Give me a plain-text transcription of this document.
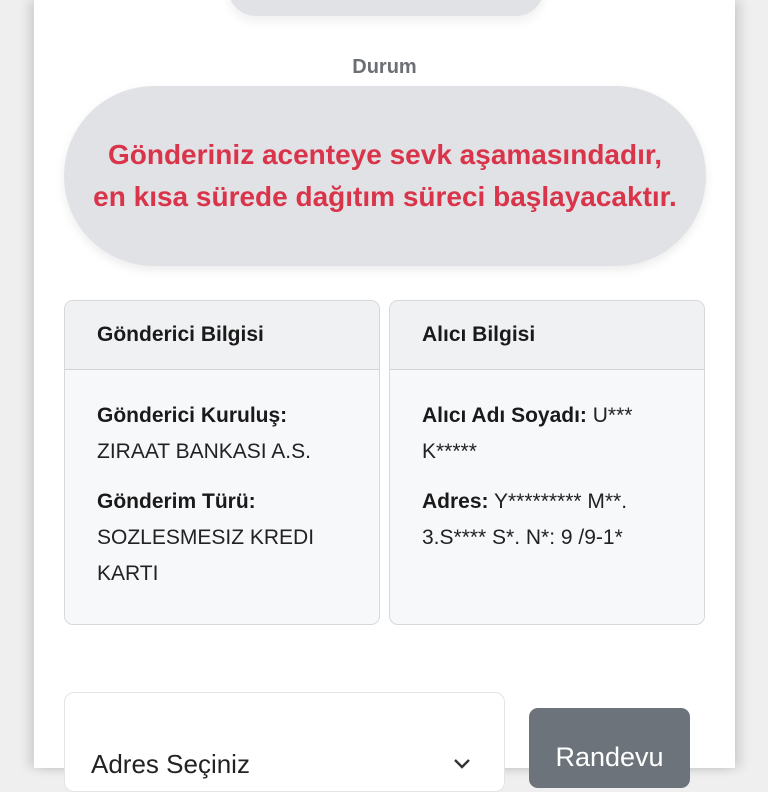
Durum
Gönderiniz acenteye sevk aşamasındadır, en kısa sürede dağıtım süreci başlayacaktır.
Gönderici Bilgisi
Gönderici Kuruluş:
ZIRAAT BANKASI A.S.
Gönderim Türü:
SOZLESMESIZ KREDI KARTI
Alıcı Bilgisi
Alıcı Adı Soyadı: U*** K*****
Adres: Y********* M**. 3.S**** S*. N*: 9 /9-1*
Adres Seçiniz	Randevu
